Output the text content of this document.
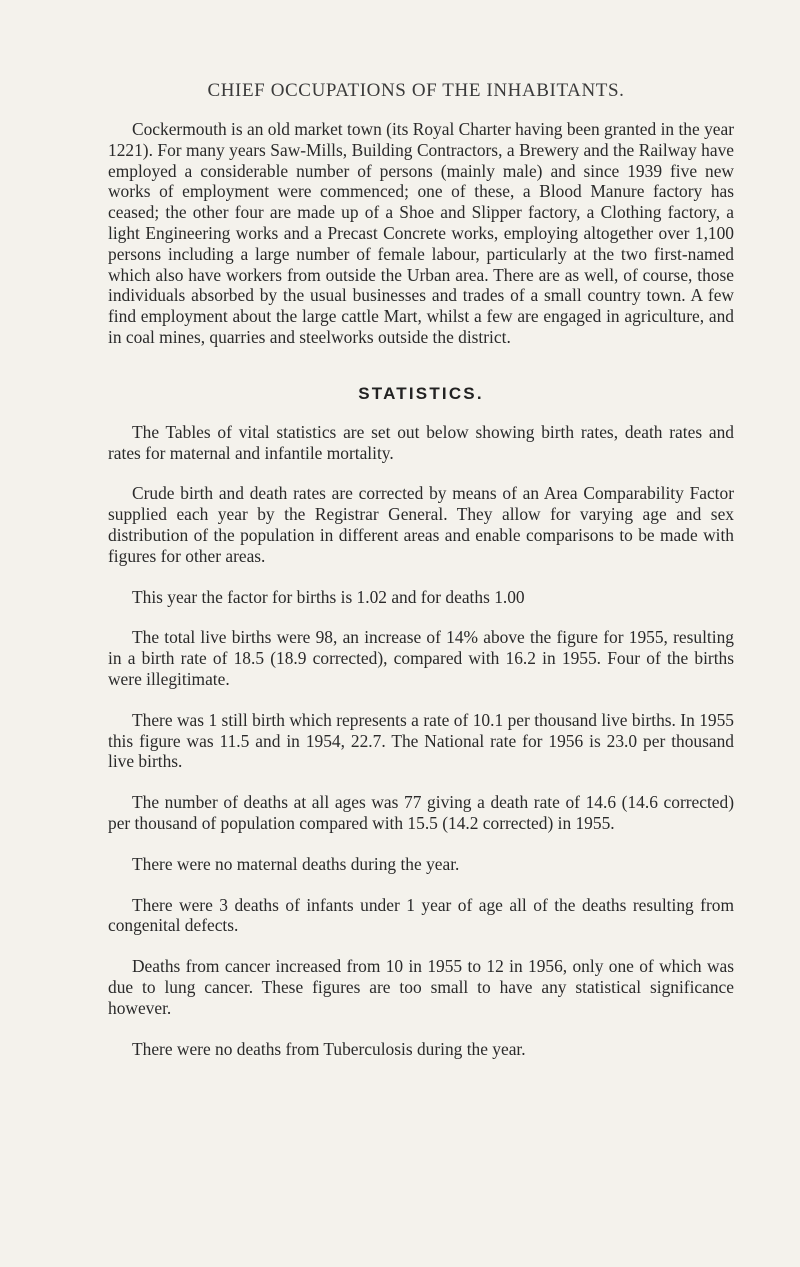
CHIEF OCCUPATIONS OF THE INHABITANTS.

Cockermouth is an old market town (its Royal Charter having been granted in the year 1221). For many years Saw-Mills, Building Contractors, a Brewery and the Railway have employed a considerable number of persons (mainly male) and since 1939 five new works of employment were commenced; one of these, a Blood Manure factory has ceased; the other four are made up of a Shoe and Slipper factory, a Clothing factory, a light Engineering works and a Precast Concrete works, employing altogether over 1,100 persons including a large number of female labour, particularly at the two first-named which also have workers from outside the Urban area. There are as well, of course, those individuals absorbed by the usual businesses and trades of a small country town. A few find employment about the large cattle Mart, whilst a few are engaged in agriculture, and in coal mines, quarries and steelworks outside the district.

STATISTICS.

The Tables of vital statistics are set out below showing birth rates, death rates and rates for maternal and infantile mortality.

Crude birth and death rates are corrected by means of an Area Comparability Factor supplied each year by the Registrar General. They allow for varying age and sex distribution of the population in different areas and enable comparisons to be made with figures for other areas.

This year the factor for births is 1.02 and for deaths 1.00

The total live births were 98, an increase of 14% above the figure for 1955, resulting in a birth rate of 18.5 (18.9 corrected), compared with 16.2 in 1955. Four of the births were illegitimate.

There was 1 still birth which represents a rate of 10.1 per thousand live births. In 1955 this figure was 11.5 and in 1954, 22.7. The National rate for 1956 is 23.0 per thousand live births.

The number of deaths at all ages was 77 giving a death rate of 14.6 (14.6 corrected) per thousand of population compared with 15.5 (14.2 corrected) in 1955.

There were no maternal deaths during the year.

There were 3 deaths of infants under 1 year of age all of the deaths resulting from congenital defects.

Deaths from cancer increased from 10 in 1955 to 12 in 1956, only one of which was due to lung cancer. These figures are too small to have any statistical significance however.

There were no deaths from Tuberculosis during the year.
